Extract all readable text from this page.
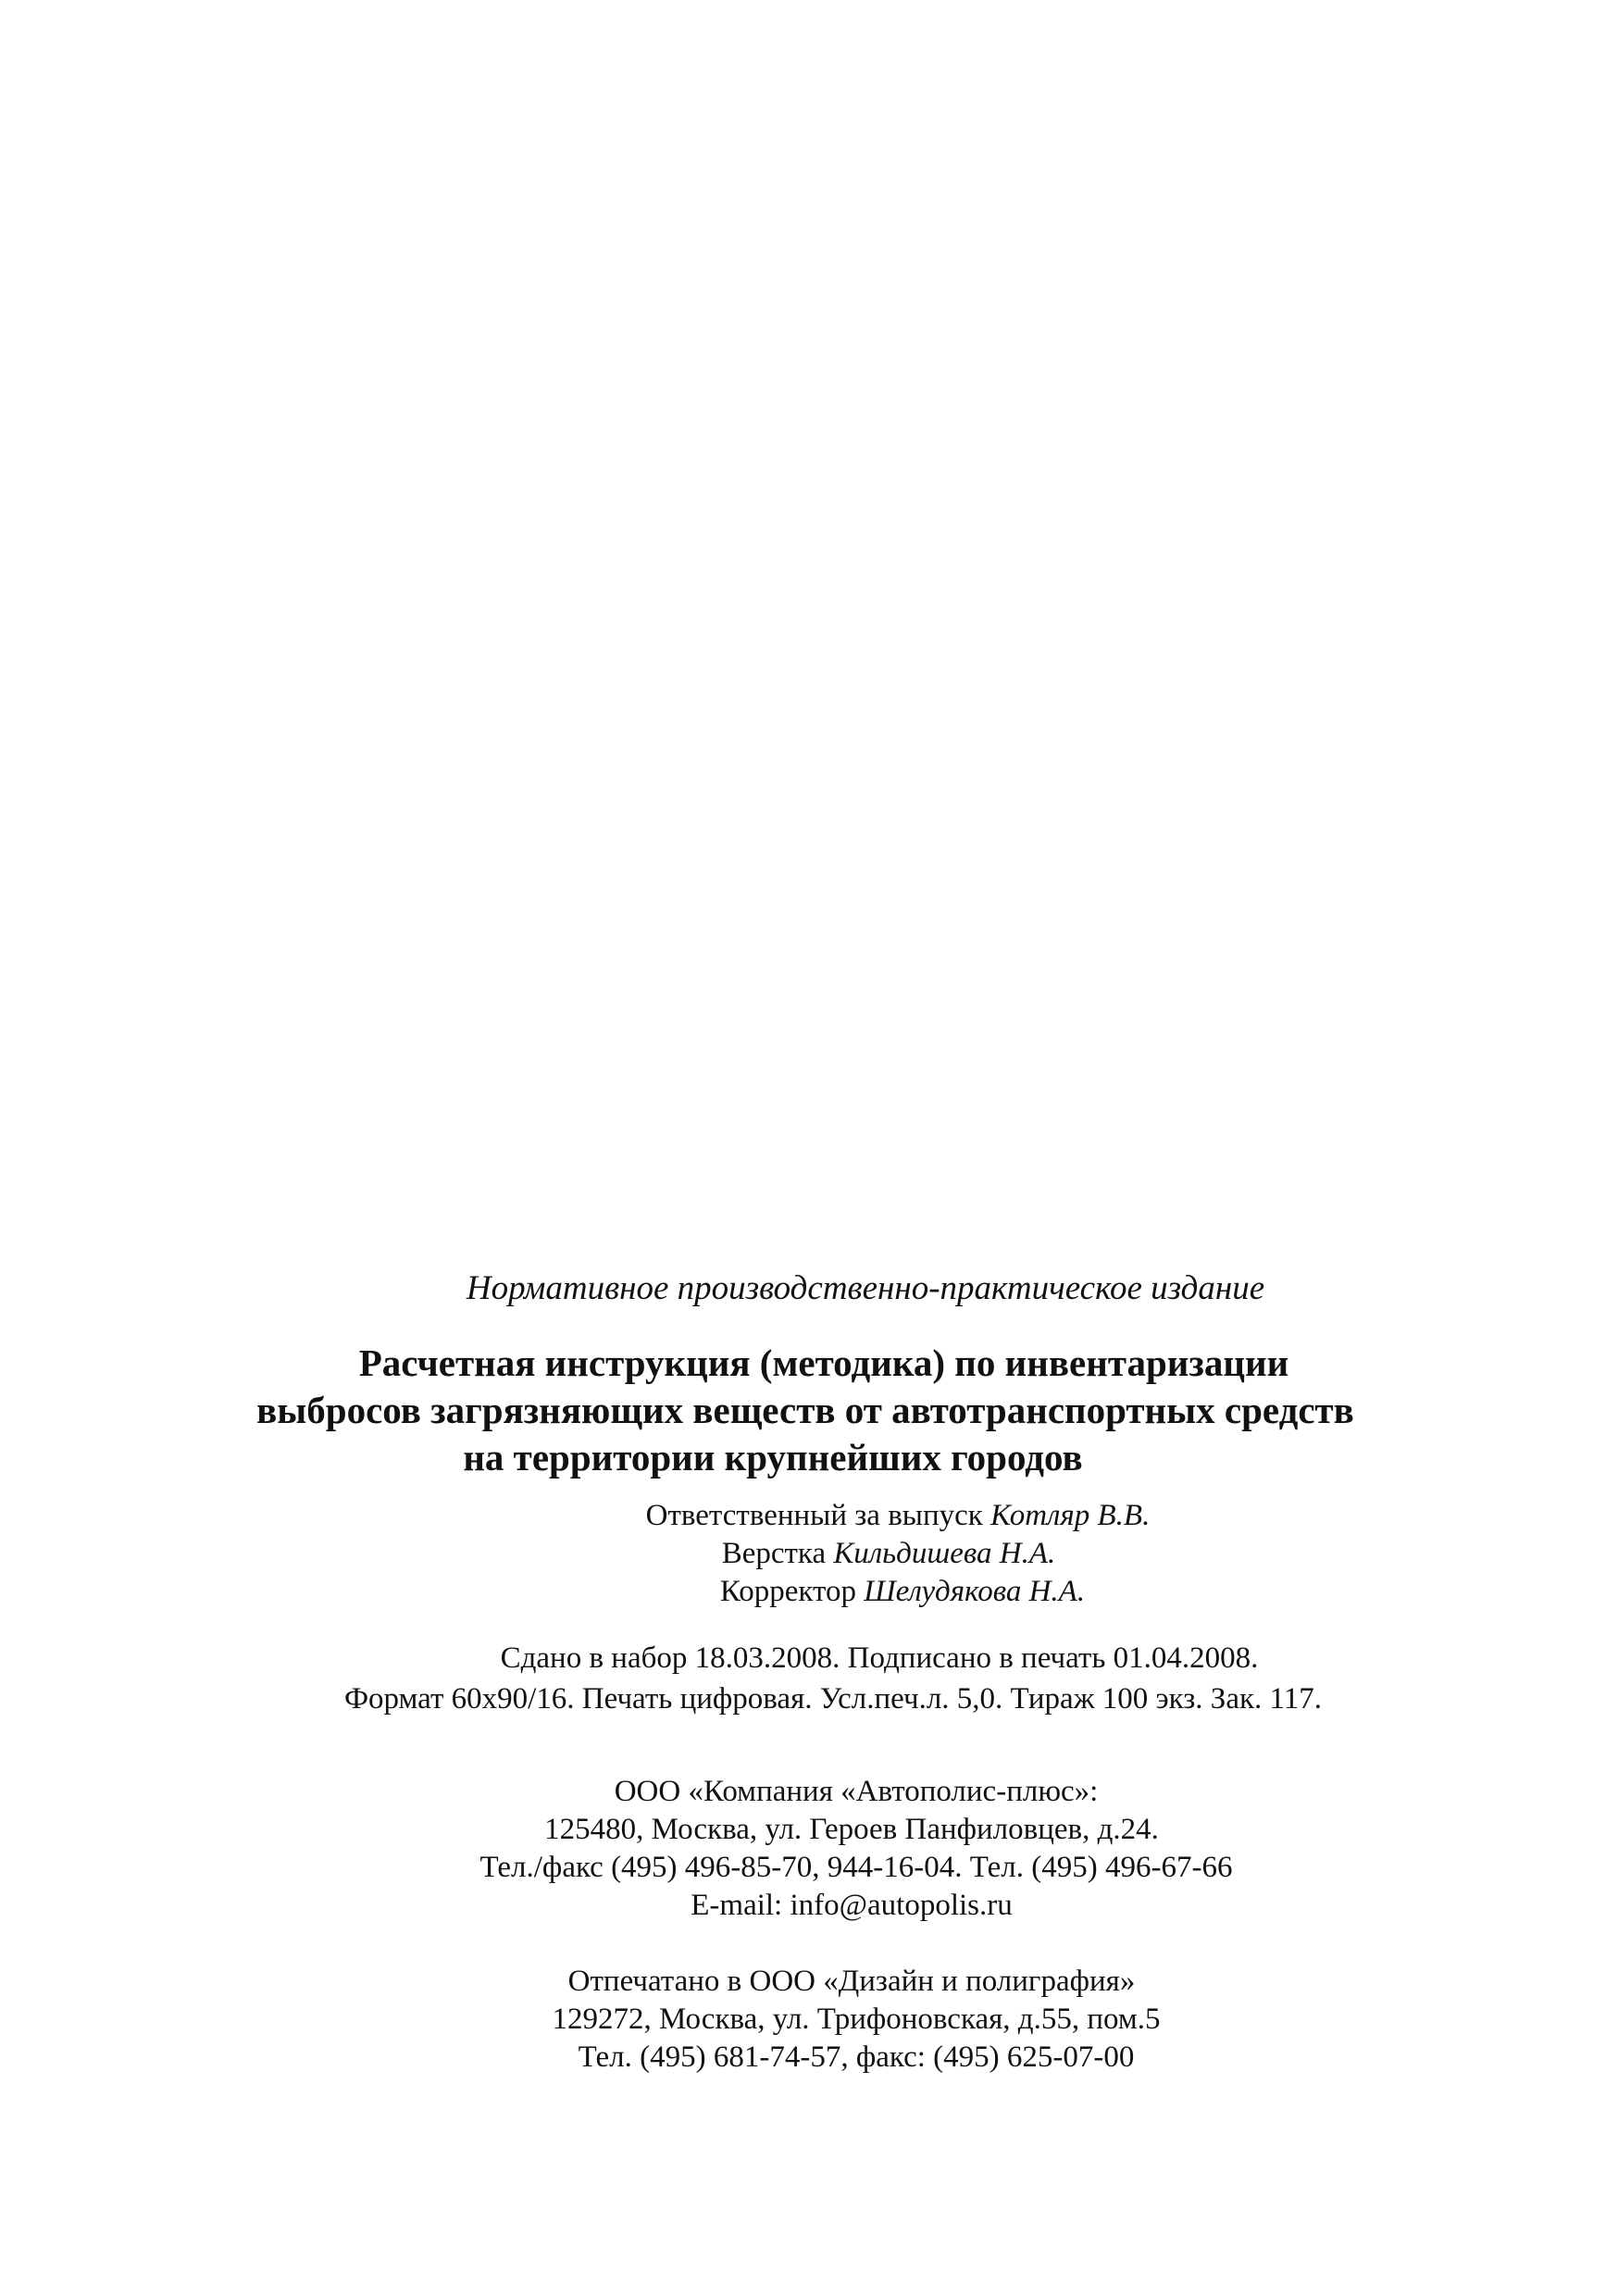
Нормативное производственно-практическое издание
Расчетная инструкция (методика) по инвентаризации
выбросов загрязняющих веществ от автотранспортных средств
на территории крупнейших городов
Ответственный за выпуск Котляр В.В.
Верстка Кильдишева Н.А.
Корректор Шелудякова Н.А.
Сдано в набор 18.03.2008. Подписано в печать 01.04.2008.
Формат 60х90/16. Печать цифровая. Усл.печ.л. 5,0. Тираж 100 экз. Зак. 117.
ООО «Компания «Автополис-плюс»:
125480, Москва, ул. Героев Панфиловцев, д.24.
Тел./факс (495) 496-85-70, 944-16-04. Тел. (495) 496-67-66
E-mail: info@autopolis.ru
Отпечатано в ООО «Дизайн и полиграфия»
129272, Москва, ул. Трифоновская, д.55, пом.5
Тел. (495) 681-74-57, факс: (495) 625-07-00
